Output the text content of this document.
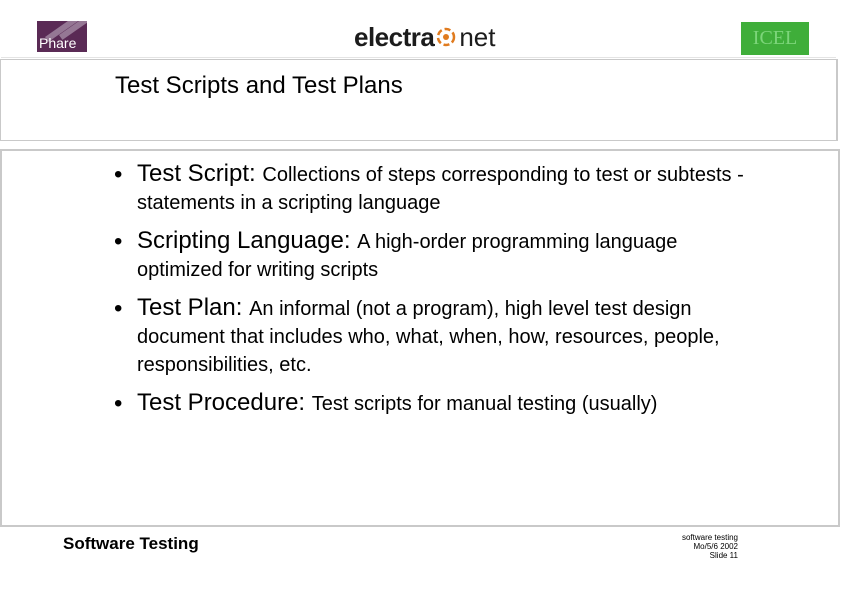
Phare	electra net	ICEL
Test Scripts and Test Plans
• Test Script: Collections of steps corresponding to test or subtests - statements in a scripting language
• Scripting Language: A high-order programming language optimized for writing scripts
• Test Plan: An informal (not a program), high level test design document that includes who, what, when, how, resources, people, responsibilities, etc.
• Test Procedure: Test scripts for manual testing (usually)
Software Testing	software testing
Mo/5/6 2002
Slide 11
